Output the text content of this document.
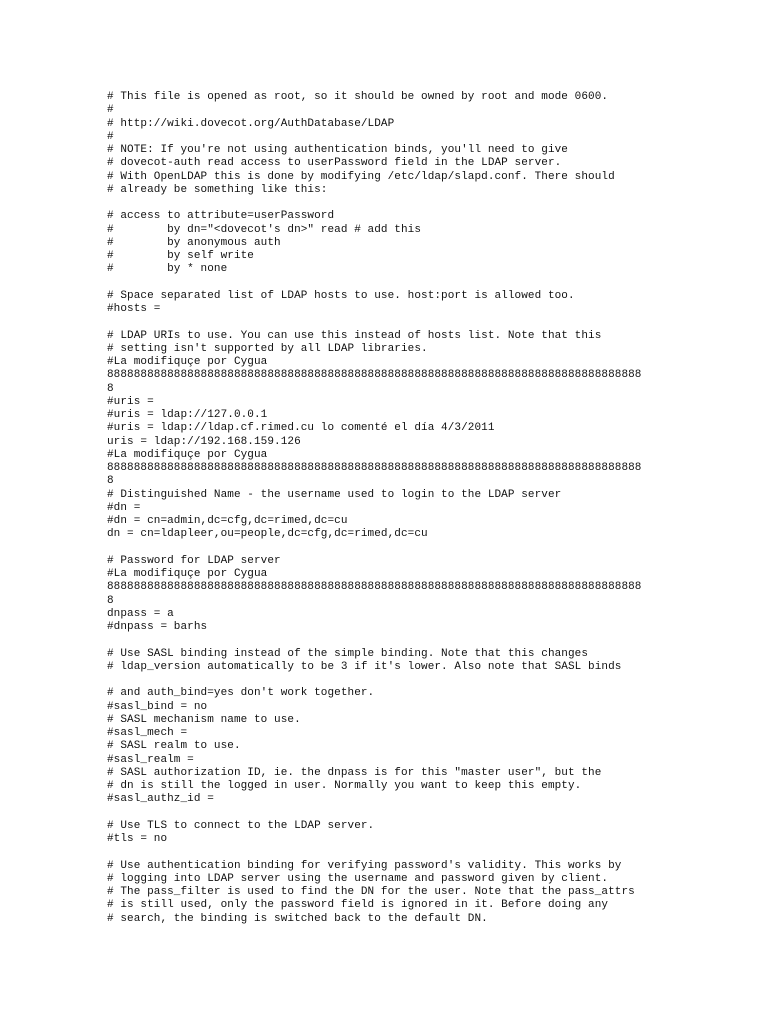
# This file is opened as root, so it should be owned by root and mode 0600.
#
# http://wiki.dovecot.org/AuthDatabase/LDAP
#
# NOTE: If you're not using authentication binds, you'll need to give
# dovecot-auth read access to userPassword field in the LDAP server.
# With OpenLDAP this is done by modifying /etc/ldap/slapd.conf. There should
# already be something like this:
# access to attribute=userPassword
#        by dn="<dovecot's dn>" read # add this
#        by anonymous auth
#        by self write
#        by * none
# Space separated list of LDAP hosts to use. host:port is allowed too.
#hosts =
# LDAP URIs to use. You can use this instead of hosts list. Note that this
# setting isn't supported by all LDAP libraries.
#La modifiquçe por Cygua
88888888888888888888888888888888888888888888888888888888888888888888888888888888
8
#uris =
#uris = ldap://127.0.0.1
#uris = ldap://ldap.cf.rimed.cu lo comenté el día 4/3/2011
uris = ldap://192.168.159.126
#La modifiquçe por Cygua
88888888888888888888888888888888888888888888888888888888888888888888888888888888
8
# Distinguished Name - the username used to login to the LDAP server
#dn =
#dn = cn=admin,dc=cfg,dc=rimed,dc=cu
dn = cn=ldapleer,ou=people,dc=cfg,dc=rimed,dc=cu
# Password for LDAP server
#La modifiquçe por Cygua
88888888888888888888888888888888888888888888888888888888888888888888888888888888
8
dnpass = a
#dnpass = barhs
# Use SASL binding instead of the simple binding. Note that this changes
# ldap_version automatically to be 3 if it's lower. Also note that SASL binds
# and auth_bind=yes don't work together.
#sasl_bind = no
# SASL mechanism name to use.
#sasl_mech =
# SASL realm to use.
#sasl_realm =
# SASL authorization ID, ie. the dnpass is for this "master user", but the
# dn is still the logged in user. Normally you want to keep this empty.
#sasl_authz_id =
# Use TLS to connect to the LDAP server.
#tls = no
# Use authentication binding for verifying password's validity. This works by
# logging into LDAP server using the username and password given by client.
# The pass_filter is used to find the DN for the user. Note that the pass_attrs
# is still used, only the password field is ignored in it. Before doing any
# search, the binding is switched back to the default DN.
